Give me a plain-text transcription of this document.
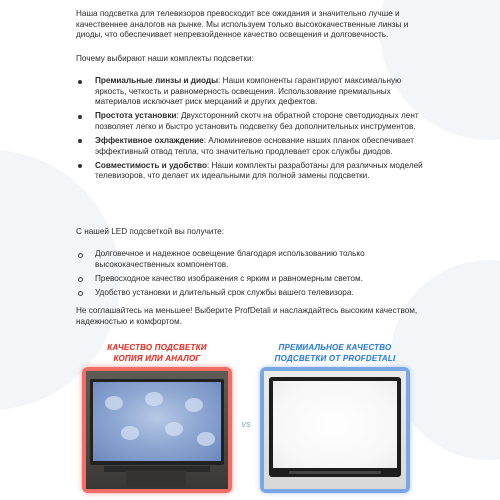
Наша подсветка для телевизоров превосходит все ожидания и значительно лучше и качественнее аналогов на рынке. Мы используем только высококачественные линзы и диоды, что обеспечивает непревзойденное качество освещения и долговечность.

Почему выбирают наши комплекты подсветки:

Премиальные линзы и диоды: Наши компоненты гарантируют максимальную яркость, четкость и равномерность освещения. Использование премиальных материалов исключает риск мерцаний и других дефектов.
Простота установки: Двухсторонний скотч на обратной стороне светодиодных лент позволяет легко и быстро установить подсветку без дополнительных инструментов.
Эффективное охлаждение: Алюминиевое основание наших планок обеспечивает эффективный отвод тепла, что значительно продлевает срок службы диодов.
Совместимость и удобство: Наши комплекты разработаны для различных моделей телевизоров, что делает их идеальными для полной замены подсветки.

С нашей LED подсветкой вы получите:

Долговечное и надежное освещение благодаря использованию только высококачественных компонентов.
Превосходное качество изображения с ярким и равномерным светом.
Удобство установки и длительный срок службы вашего телевизора.

Не соглашайтесь на меньшее! Выберите ProfDetali и наслаждайтесь высоким качеством, надежностью и комфортом.

КАЧЕСТВО ПОДСВЕТКИ
КОПИЯ ИЛИ АНАЛОГ
ПРЕМИАЛЬНОЕ КАЧЕСТВО
ПОДСВЕТКИ ОТ PROFDETALI
VS
